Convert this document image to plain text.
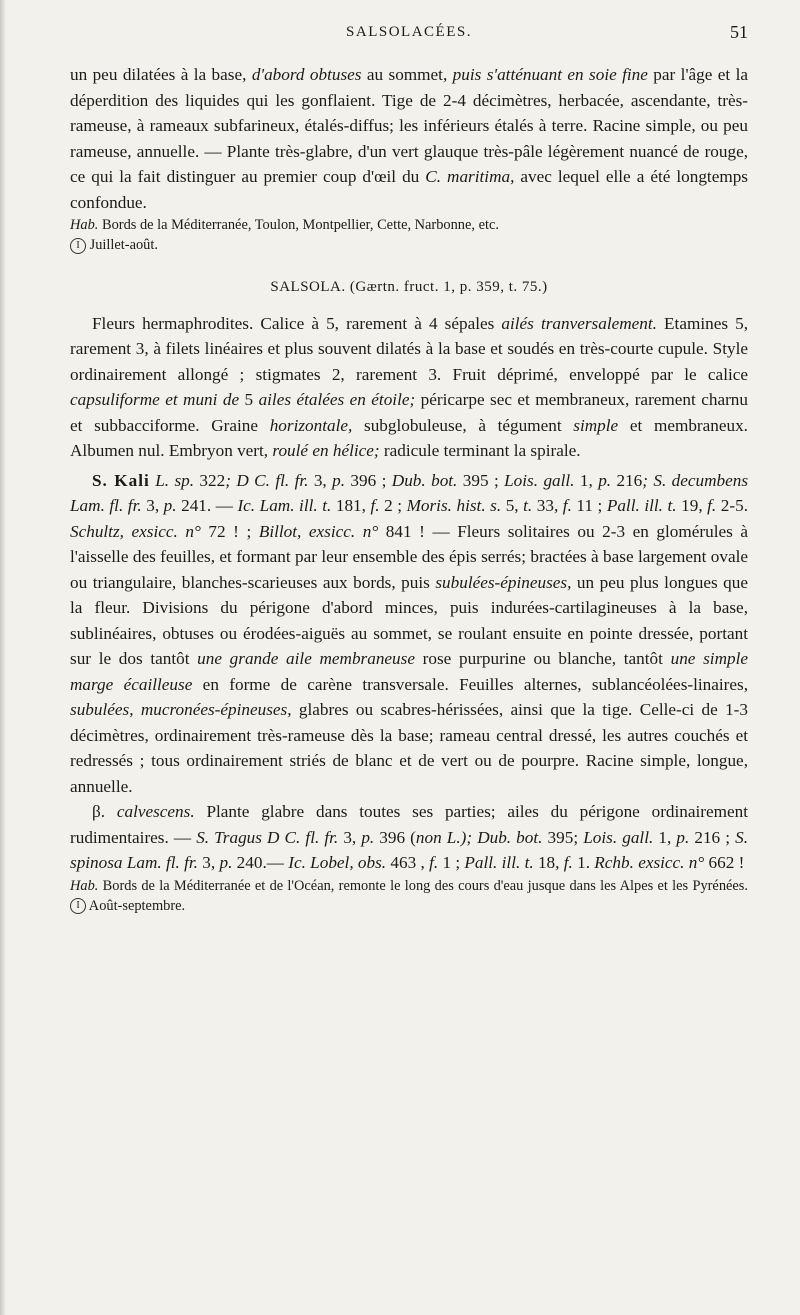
SALSOLACÉES.	51

un peu dilatées à la base, d'abord obtuses au sommet, puis s'atténuant en soie fine par l'âge et la déperdition des liquides qui les gonflaient. Tige de 2-4 décimètres, herbacée, ascendante, très-rameuse, à rameaux subfarineux, étalés-diffus; les inférieurs étalés à terre. Racine simple, ou peu rameuse, annuelle. — Plante très-glabre, d'un vert glauque très-pâle légèrement nuancé de rouge, ce qui la fait distinguer au premier coup d'œil du C. maritima, avec lequel elle a été longtemps confondue.

Hab. Bords de la Méditerranée, Toulon, Montpellier, Cette, Narbonne, etc.

I Juillet-août.

SALSOLA. (Gærtn. fruct. 1, p. 359, t. 75.)

Fleurs hermaphrodites. Calice à 5, rarement à 4 sépales ailés tranversalement. Etamines 5, rarement 3, à filets linéaires et plus souvent dilatés à la base et soudés en très-courte cupule. Style ordinairement allongé ; stigmates 2, rarement 3. Fruit déprimé, enveloppé par le calice capsuliforme et muni de 5 ailes étalées en étoile; péricarpe sec et membraneux, rarement charnu et subbacciforme. Graine horizontale, subglobuleuse, à tégument simple et membraneux. Albumen nul. Embryon vert, roulé en hélice; radicule terminant la spirale.

S. Kali L. sp. 322; D C. fl. fr. 3, p. 396 ; Dub. bot. 395 ; Lois. gall. 1, p. 216; S. decumbens Lam. fl. fr. 3, p. 241. — Ic. Lam. ill. t. 181, f. 2 ; Moris. hist. s. 5, t. 33, f. 11 ; Pall. ill. t. 19, f. 2-5. Schultz, exsicc. n° 72 ! ; Billot, exsicc. n° 841 ! — Fleurs solitaires ou 2-3 en glomérules à l'aisselle des feuilles, et formant par leur ensemble des épis serrés; bractées à base largement ovale ou triangulaire, blanches-scarieuses aux bords, puis subulées-épineuses, un peu plus longues que la fleur. Divisions du périgone d'abord minces, puis indurées-cartilagineuses à la base, sublinéaires, obtuses ou érodées-aiguës au sommet, se roulant ensuite en pointe dressée, portant sur le dos tantôt une grande aile membraneuse rose purpurine ou blanche, tantôt une simple marge écailleuse en forme de carène transversale. Feuilles alternes, sublancéolées-linaires, subulées, mucronées-épineuses, glabres ou scabres-hérissées, ainsi que la tige. Celle-ci de 1-3 décimètres, ordinairement très-rameuse dès la base; rameau central dressé, les autres couchés et redressés ; tous ordinairement striés de blanc et de vert ou de pourpre. Racine simple, longue, annuelle.

β. calvescens. Plante glabre dans toutes ses parties; ailes du périgone ordinairement rudimentaires. — S. Tragus D C. fl. fr. 3, p. 396 (non L.); Dub. bot. 395; Lois. gall. 1, p. 216 ; S. spinosa Lam. fl. fr. 3, p. 240.— Ic. Lobel, obs. 463 , f. 1 ; Pall. ill. t. 18, f. 1. Rchb. exsicc. n° 662 !

Hab. Bords de la Méditerranée et de l'Océan, remonte le long des cours d'eau jusque dans les Alpes et les Pyrénées. I Août-septembre.
